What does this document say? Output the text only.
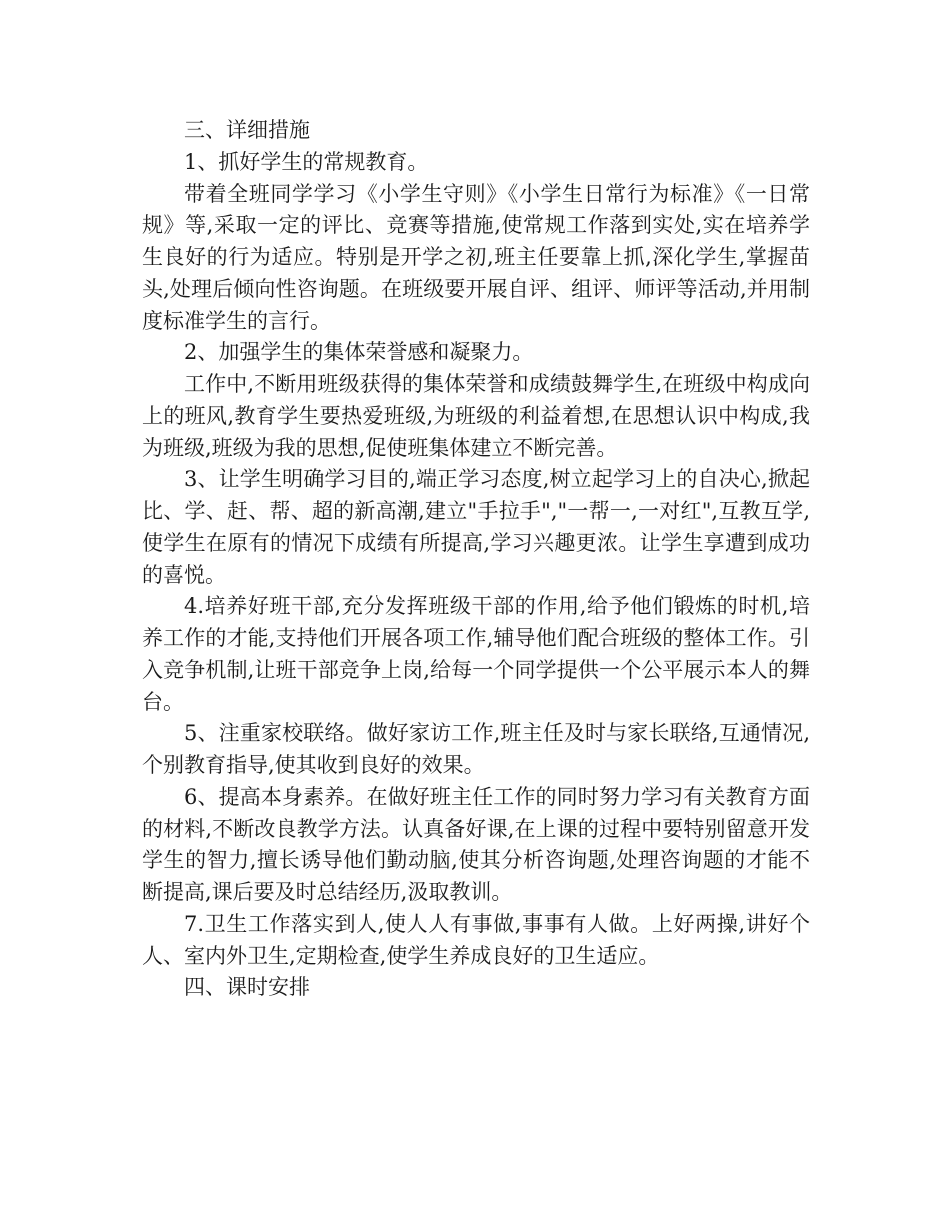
三、详细措施

1、抓好学生的常规教育。

带着全班同学学习《小学生守则》《小学生日常行为标准》《一日常规》等,采取一定的评比、竞赛等措施,使常规工作落到实处,实在培养学生良好的行为适应。特别是开学之初,班主任要靠上抓,深化学生,掌握苗头,处理后倾向性咨询题。在班级要开展自评、组评、师评等活动,并用制度标准学生的言行。

2、加强学生的集体荣誉感和凝聚力。

工作中,不断用班级获得的集体荣誉和成绩鼓舞学生,在班级中构成向上的班风,教育学生要热爱班级,为班级的利益着想,在思想认识中构成,我为班级,班级为我的思想,促使班集体建立不断完善。

3、让学生明确学习目的,端正学习态度,树立起学习上的自决心,掀起比、学、赶、帮、超的新高潮,建立"手拉手","一帮一,一对红",互教互学,使学生在原有的情况下成绩有所提高,学习兴趣更浓。让学生享遭到成功的喜悦。

4.培养好班干部,充分发挥班级干部的作用,给予他们锻炼的时机,培养工作的才能,支持他们开展各项工作,辅导他们配合班级的整体工作。引入竞争机制,让班干部竞争上岗,给每一个同学提供一个公平展示本人的舞台。

5、注重家校联络。做好家访工作,班主任及时与家长联络,互通情况,个别教育指导,使其收到良好的效果。

6、提高本身素养。在做好班主任工作的同时努力学习有关教育方面的材料,不断改良教学方法。认真备好课,在上课的过程中要特别留意开发学生的智力,擅长诱导他们勤动脑,使其分析咨询题,处理咨询题的才能不断提高,课后要及时总结经历,汲取教训。

7.卫生工作落实到人,使人人有事做,事事有人做。上好两操,讲好个人、室内外卫生,定期检查,使学生养成良好的卫生适应。

四、课时安排
